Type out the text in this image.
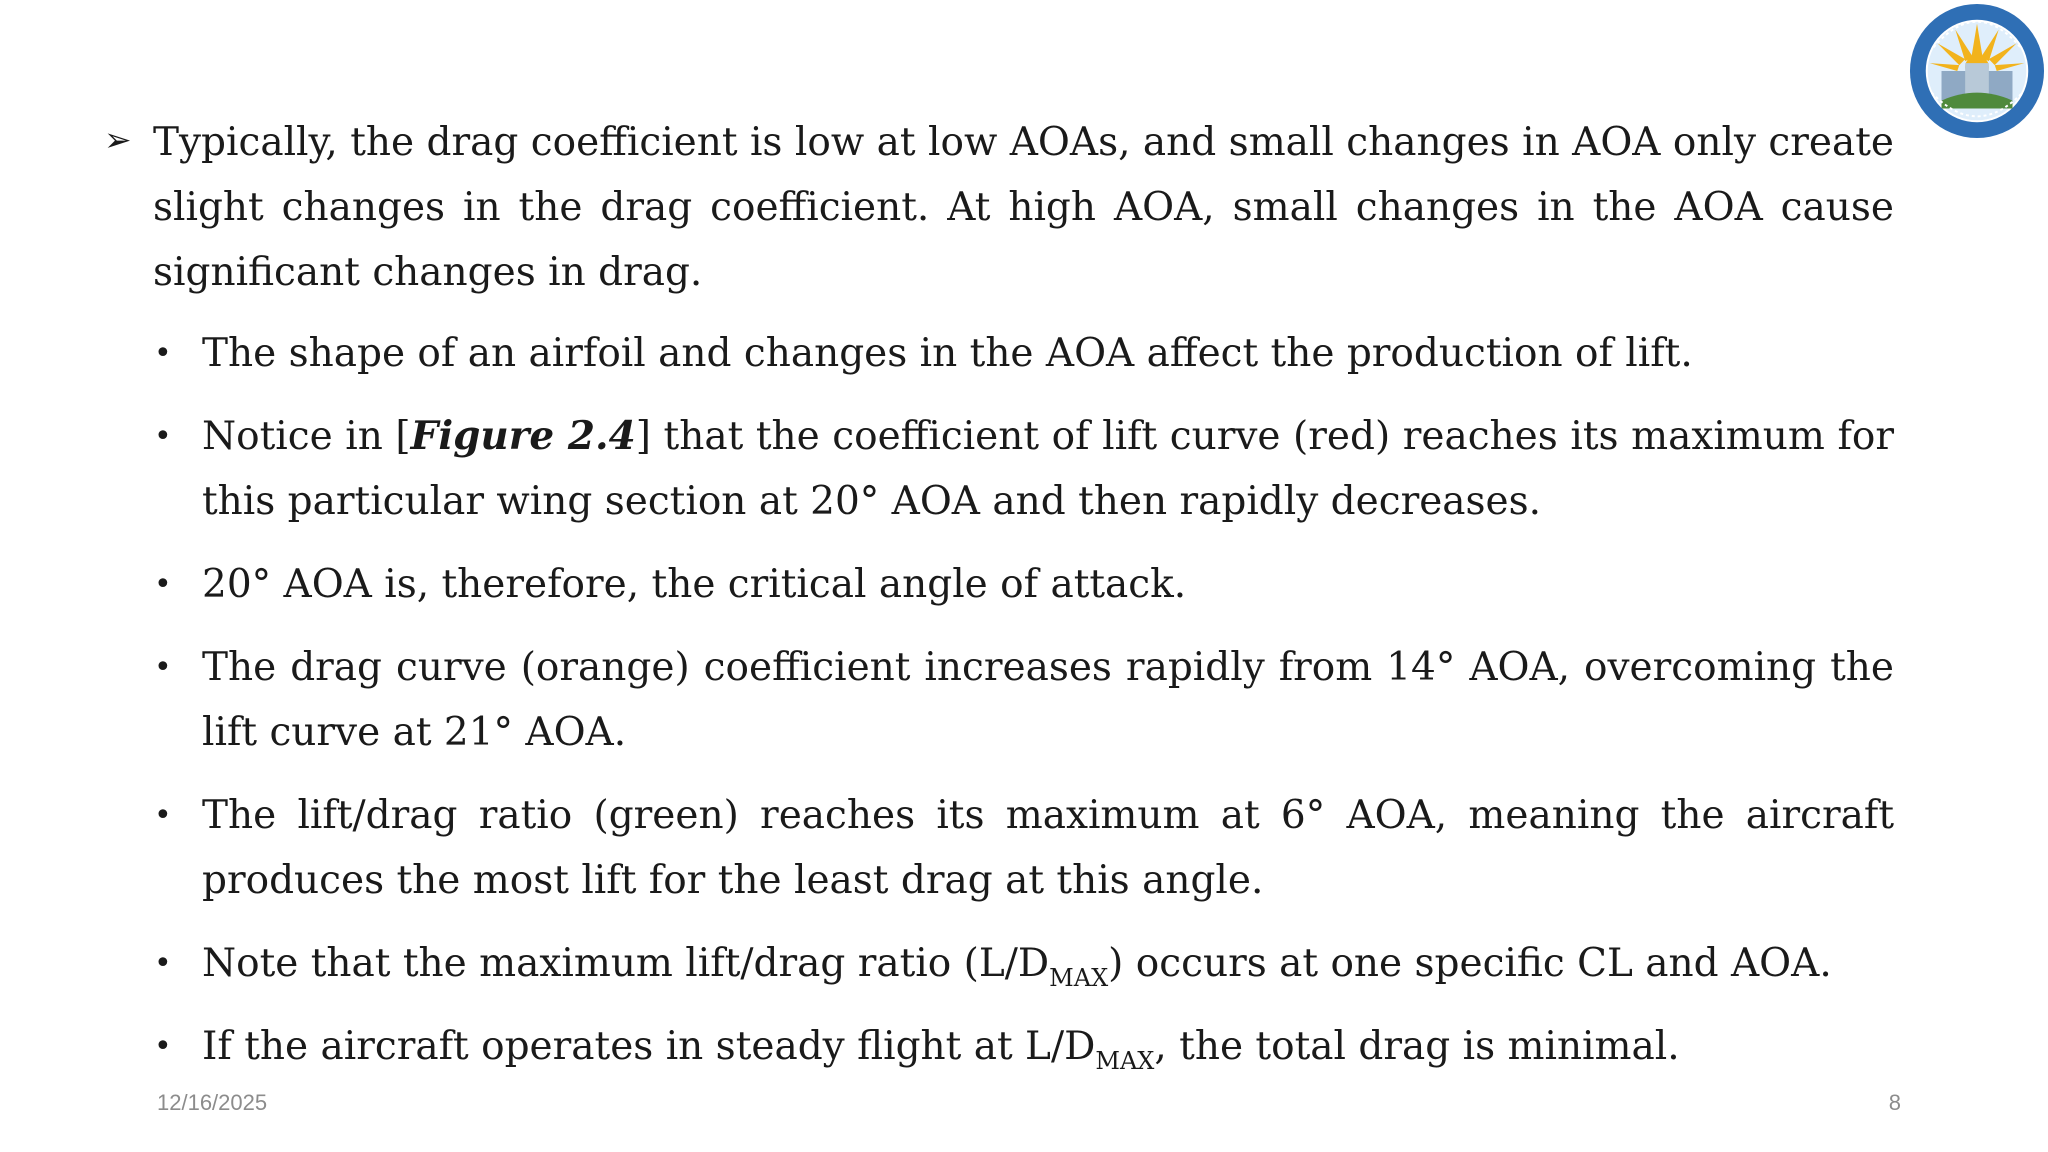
➢ Typically, the drag coefficient is low at low AOAs, and small changes in AOA only create slight changes in the drag coefficient. At high AOA, small changes in the AOA cause significant changes in drag.

• The shape of an airfoil and changes in the AOA affect the production of lift.
• Notice in [Figure 2.4] that the coefficient of lift curve (red) reaches its maximum for this particular wing section at 20° AOA and then rapidly decreases.
• 20° AOA is, therefore, the critical angle of attack.
• The drag curve (orange) coefficient increases rapidly from 14° AOA, overcoming the lift curve at 21° AOA.
• The lift/drag ratio (green) reaches its maximum at 6° AOA, meaning the aircraft produces the most lift for the least drag at this angle.
• Note that the maximum lift/drag ratio $(L/D_{MAX})$ occurs at one specific CL and AOA.
• If the aircraft operates in steady flight at $L/D_{MAX}$, the total drag is minimal.
12/16/2025	8
